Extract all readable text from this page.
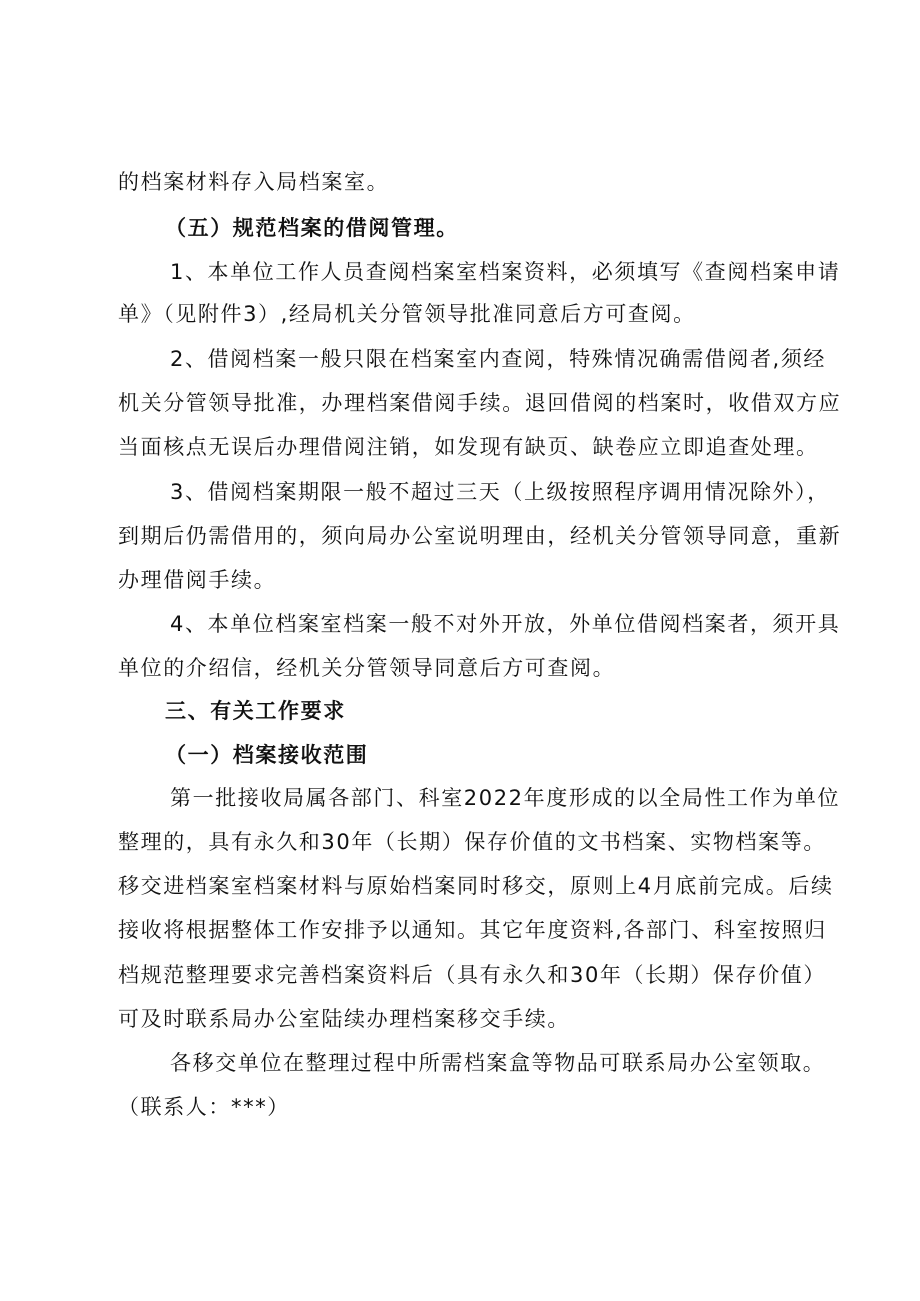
的档案材料存入局档案室。
（五）规范档案的借阅管理。
1、本单位工作人员查阅档案室档案资料，必须填写《查阅档案申请
单》（见附件3）,经局机关分管领导批准同意后方可查阅。
2、借阅档案一般只限在档案室内查阅，特殊情况确需借阅者,须经
机关分管领导批准，办理档案借阅手续。退回借阅的档案时，收借双方应
当面核点无误后办理借阅注销，如发现有缺页、缺卷应立即追查处理。
3、借阅档案期限一般不超过三天（上级按照程序调用情况除外），
到期后仍需借用的，须向局办公室说明理由，经机关分管领导同意，重新
办理借阅手续。
4、本单位档案室档案一般不对外开放，外单位借阅档案者，须开具
单位的介绍信，经机关分管领导同意后方可查阅。
三、有关工作要求
（一）档案接收范围
第一批接收局属各部门、科室2022年度形成的以全局性工作为单位
整理的，具有永久和30年（长期）保存价值的文书档案、实物档案等。
移交进档案室档案材料与原始档案同时移交，原则上4月底前完成。后续
接收将根据整体工作安排予以通知。其它年度资料,各部门、科室按照归
档规范整理要求完善档案资料后（具有永久和30年（长期）保存价值）
可及时联系局办公室陆续办理档案移交手续。
各移交单位在整理过程中所需档案盒等物品可联系局办公室领取。
（联系人：***）
